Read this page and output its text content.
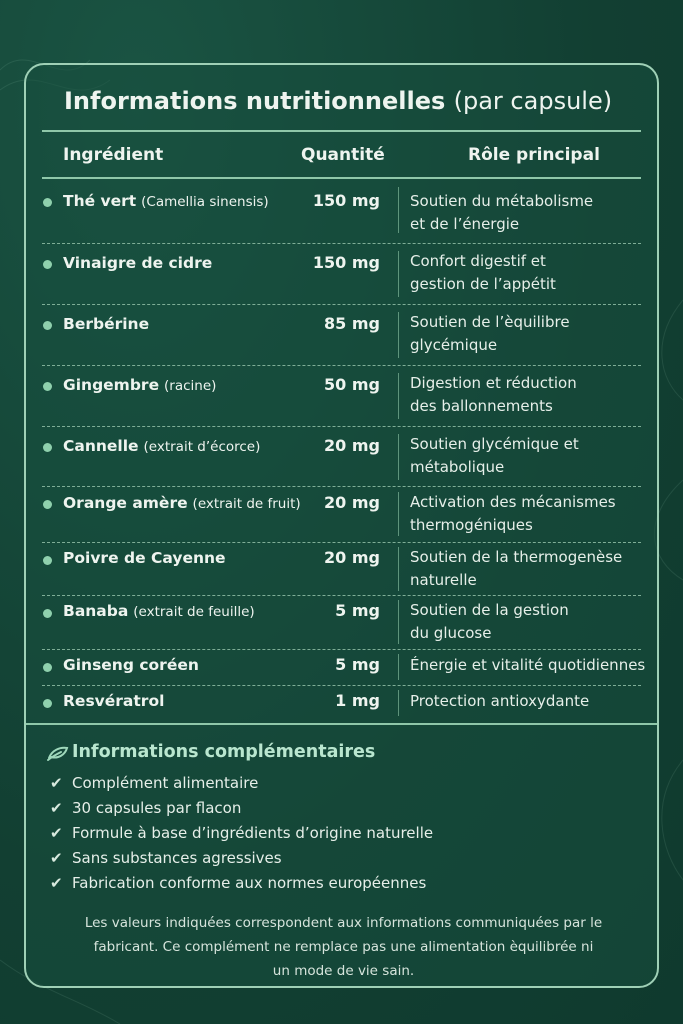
Informations nutritionnelles (par capsule)
Ingrédient	Quantité	Rôle principal
Thé vert (Camellia sinensis)	150 mg Soutien du métabolisme
et de l’énergie
Vinaigre de cidre	150 mg Confort digestif et
gestion de l’appétit
Berbérine	85 mg Soutien de l’èquilibre
glycémique
Gingembre (racine)	50 mg Digestion et réduction
des ballonnements
Cannelle (extrait d’écorce)	20 mg Soutien glycémique et
métabolique
Orange amère (extrait de fruit) 20 mg Activation des mécanismes
thermogéniques
Poivre de Cayenne	20 mg Soutien de la thermogenèse
naturelle
Banaba (extrait de feuille)	5 mg Soutien de la gestion
du glucose
Ginseng coréen	5 mg Énergie et vitalité quotidiennes
Resvératrol	1 mg Protection antioxydante
Informations complémentaires
✔ Complément alimentaire
✔ 30 capsules par flacon
✔ Formule à base d’ingrédients d’origine naturelle
✔ Sans substances agressives
✔ Fabrication conforme aux normes européennes
Les valeurs indiquées correspondent aux informations communiquées par le
fabricant. Ce complément ne remplace pas une alimentation èquilibrée ni
un mode de vie sain.
